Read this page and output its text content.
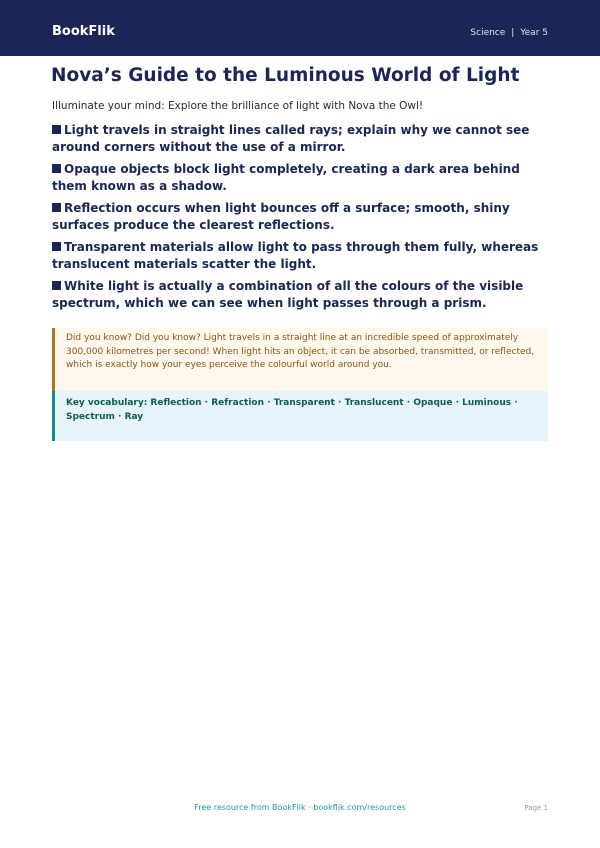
BookFlik	Science | Year 5
Nova’s Guide to the Luminous World of Light
Illuminate your mind: Explore the brilliance of light with Nova the Owl!
Light travels in straight lines called rays; explain why we cannot see around corners without the use of a mirror.
Opaque objects block light completely, creating a dark area behind them known as a shadow.
Reflection occurs when light bounces off a surface; smooth, shiny surfaces produce the clearest reflections.
Transparent materials allow light to pass through them fully, whereas translucent materials scatter the light.
White light is actually a combination of all the colours of the visible spectrum, which we can see when light passes through a prism.
Did you know? Did you know? Light travels in a straight line at an incredible speed of approximately 300,000 kilometres per second! When light hits an object, it can be absorbed, transmitted, or reflected, which is exactly how your eyes perceive the colourful world around you.
Key vocabulary: Reflection · Refraction · Transparent · Translucent · Opaque · Luminous · Spectrum · Ray
Free resource from BookFlik · bookflik.com/resources	Page 1
